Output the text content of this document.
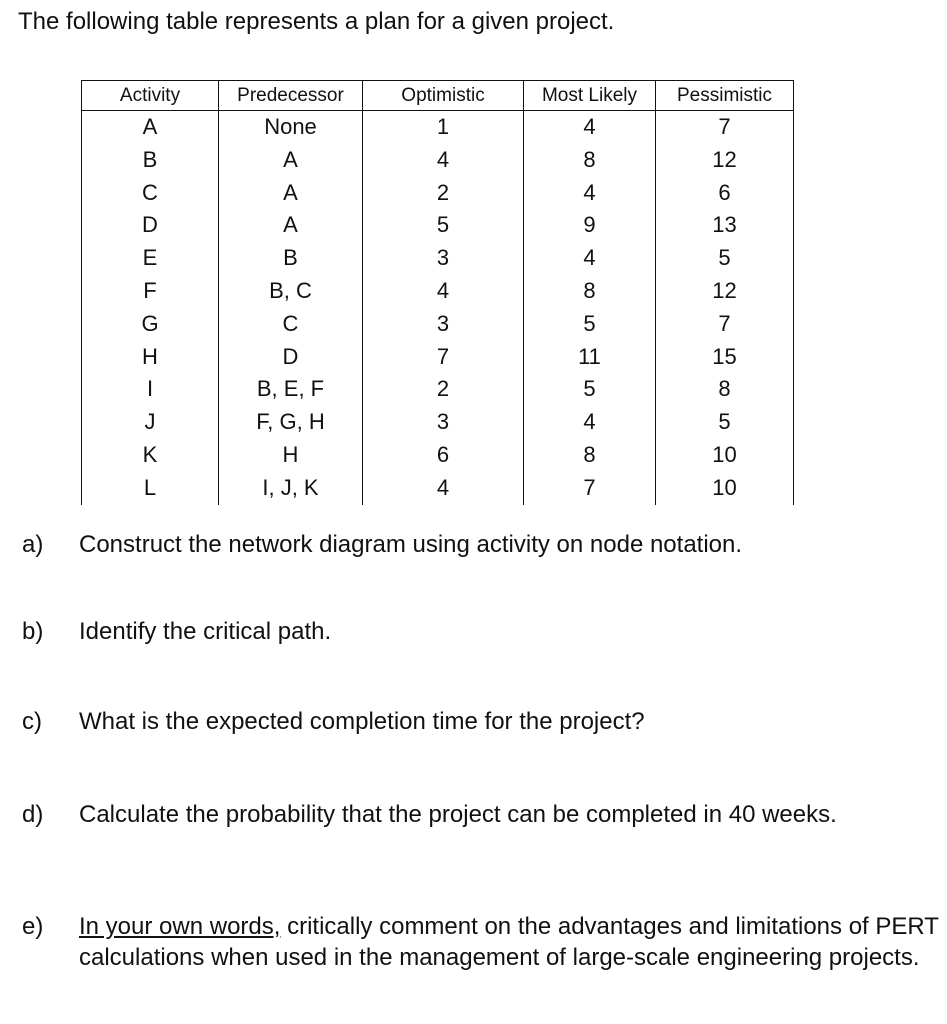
The following table represents a plan for a given project.
Activity	Predecessor	Optimistic	Most Likely	Pessimistic
A	None	1	4	7
B	A	4	8	12
C	A	2	4	6
D	A	5	9	13
E	B	3	4	5
F	B, C	4	8	12
G	C	3	5	7
H	D	7	11	15
I	B, E, F	2	5	8
J	F, G, H	3	4	5
K	H	6	8	10
L	I, J, K	4	7	10
a) Construct the network diagram using activity on node notation.
b) Identify the critical path.
c) What is the expected completion time for the project?
d) Calculate the probability that the project can be completed in 40 weeks.
e) In your own words, critically comment on the advantages and limitations of PERT calculations when used in the management of large-scale engineering projects.
